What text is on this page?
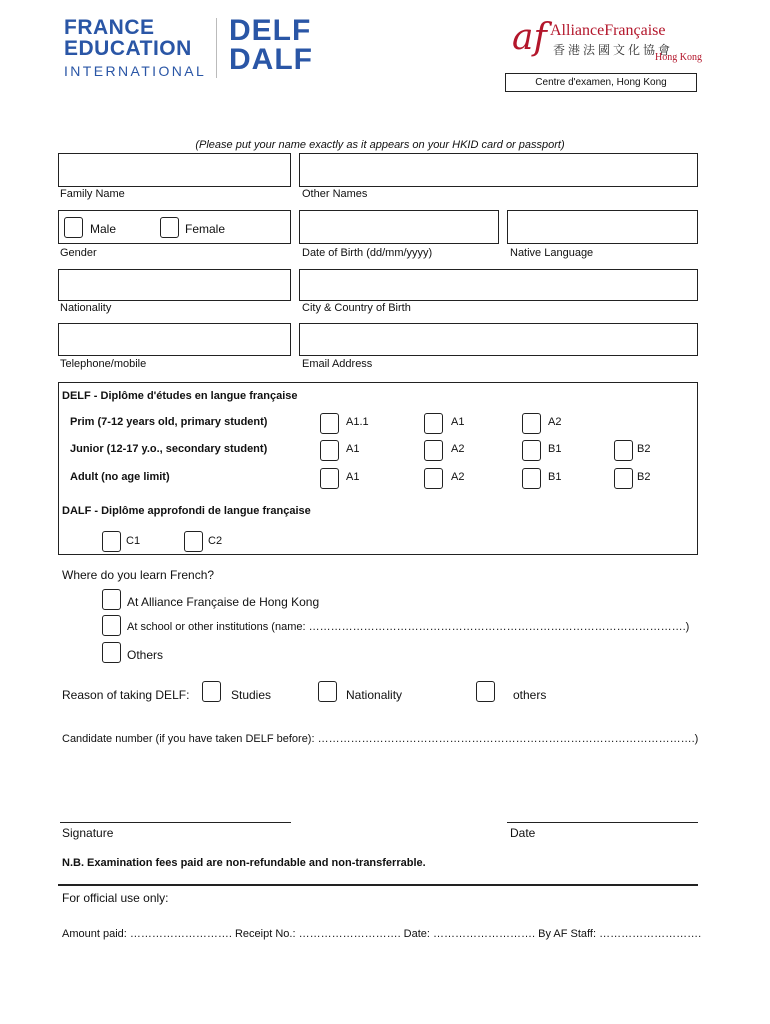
FRANCE
EDUCATION
INTERNATIONAL
DELF
DALF
af AllianceFrançaise
香港法國文化協會
Hong Kong
Centre d'examen, Hong Kong
(Please put your name exactly as it appears on your HKID card or passport)
Family Name	Other Names
Male	Female
Gender	Date of Birth (dd/mm/yyyy)	Native Language
Nationality	City & Country of Birth
Telephone/mobile	Email Address
DELF - Diplôme d'études en langue française
Prim (7-12 years old, primary student)	A1.1	A1	A2
Junior (12-17 y.o., secondary student)	A1	A2	B1	B2
Adult (no age limit)	A1	A2	B1	B2
DALF - Diplôme approfondi de langue française
C1	C2
Where do you learn French?
At Alliance Française de Hong Kong
At school or other institutions (name: ………………………………………………………………………………………….)
Others
Reason of taking DELF:	Studies	Nationality	others
Candidate number (if you have taken DELF before): ………………………………………………………………………………………….)
Signature	Date
N.B. Examination fees paid are non-refundable and non-transferrable.
For official use only:
Amount paid: ………………………. Receipt No.: ………………………. Date: ………………………. By AF Staff: ……………………….
